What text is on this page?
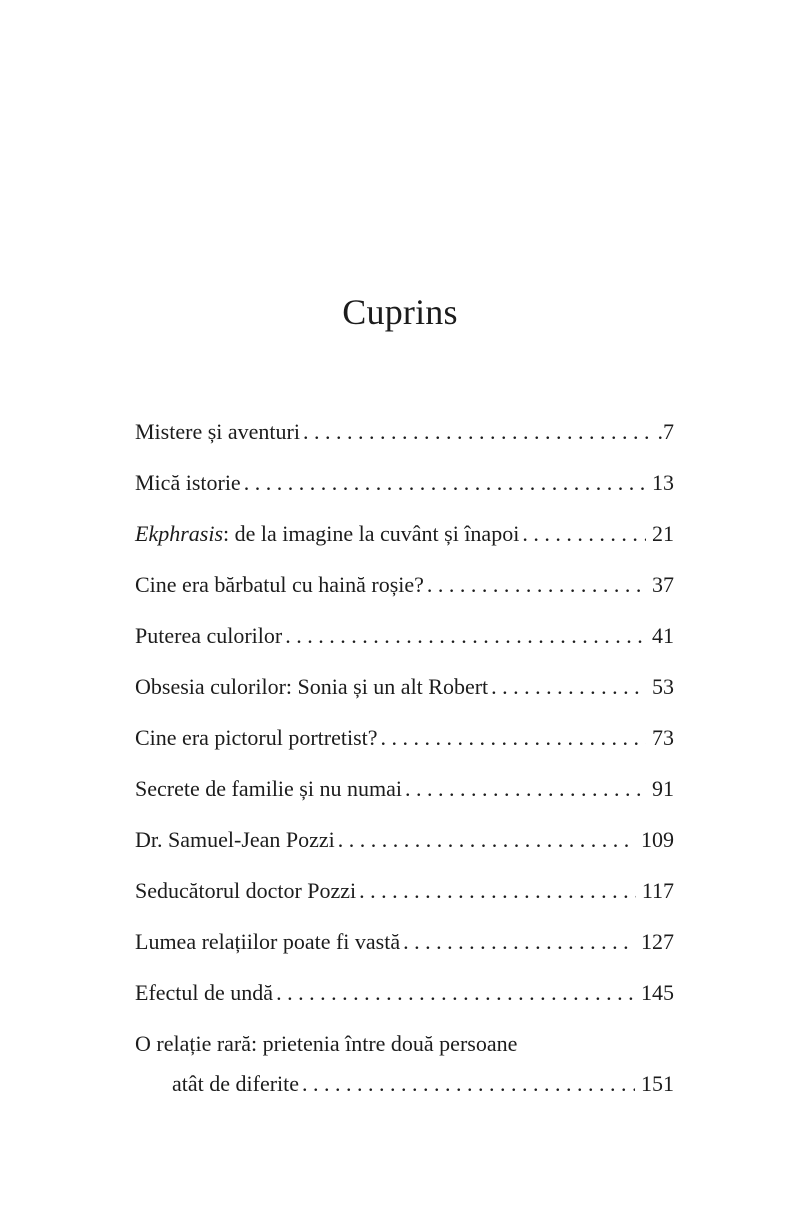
Cuprins
Mistere și aventuri . . .	.7
Mică istorie . . .	13
Ekphrasis: de la imagine la cuvânt și înapoi . . .	21
Cine era bărbatul cu haină roșie? . . .	37
Puterea culorilor . . .	41
Obsesia culorilor: Sonia și un alt Robert . . .	53
Cine era pictorul portretist? . . .	73
Secrete de familie și nu numai . . .	91
Dr. Samuel-Jean Pozzi . . .	109
Seducătorul doctor Pozzi . . .	117
Lumea relațiilor poate fi vastă . . .	127
Efectul de undă . . .	145
O relație rară: prietenia între două persoane
atât de diferite . . .	151
